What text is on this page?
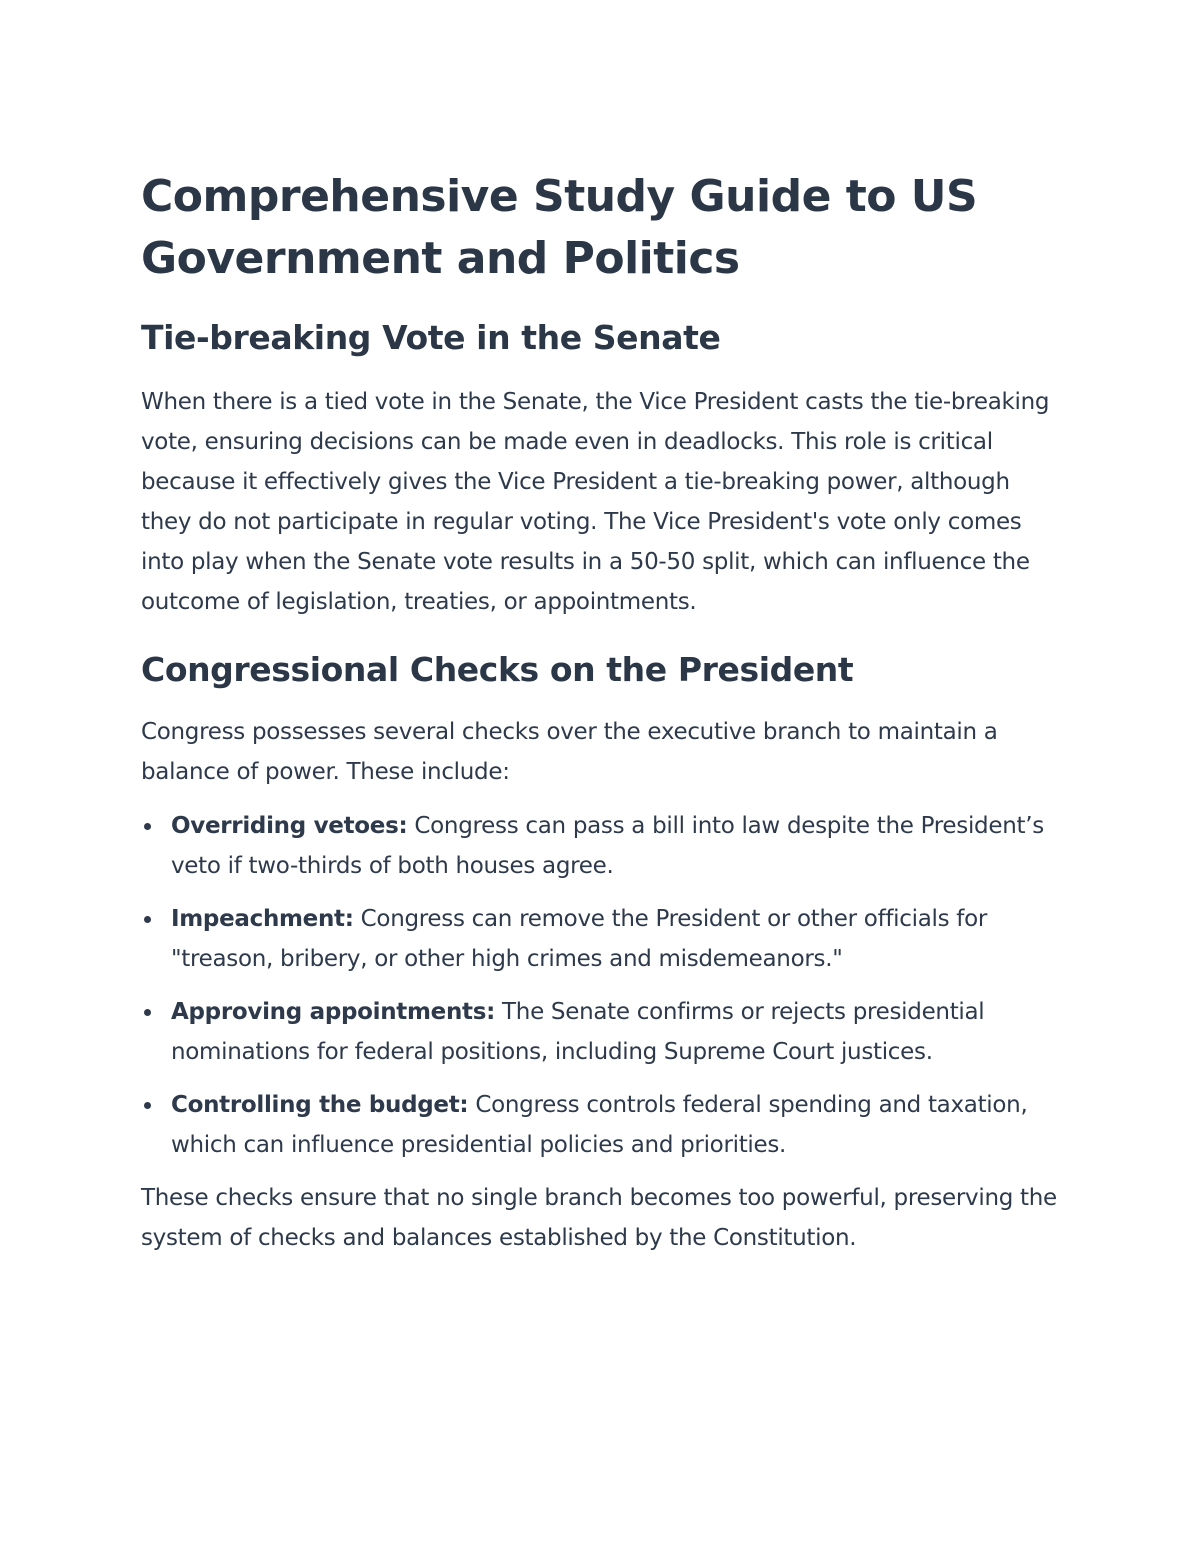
Comprehensive Study Guide to US Government and Politics
Tie-breaking Vote in the Senate

When there is a tied vote in the Senate, the Vice President casts the tie-breaking vote, ensuring decisions can be made even in deadlocks. This role is critical because it effectively gives the Vice President a tie-breaking power, although they do not participate in regular voting. The Vice President's vote only comes into play when the Senate vote results in a 50-50 split, which can influence the outcome of legislation, treaties, or appointments.

Congressional Checks on the President

Congress possesses several checks over the executive branch to maintain a balance of power. These include:

Overriding vetoes: Congress can pass a bill into law despite the President’s veto if two-thirds of both houses agree.
Impeachment: Congress can remove the President or other officials for "treason, bribery, or other high crimes and misdemeanors."
Approving appointments: The Senate confirms or rejects presidential nominations for federal positions, including Supreme Court justices.
Controlling the budget: Congress controls federal spending and taxation, which can influence presidential policies and priorities.

These checks ensure that no single branch becomes too powerful, preserving the system of checks and balances established by the Constitution.
